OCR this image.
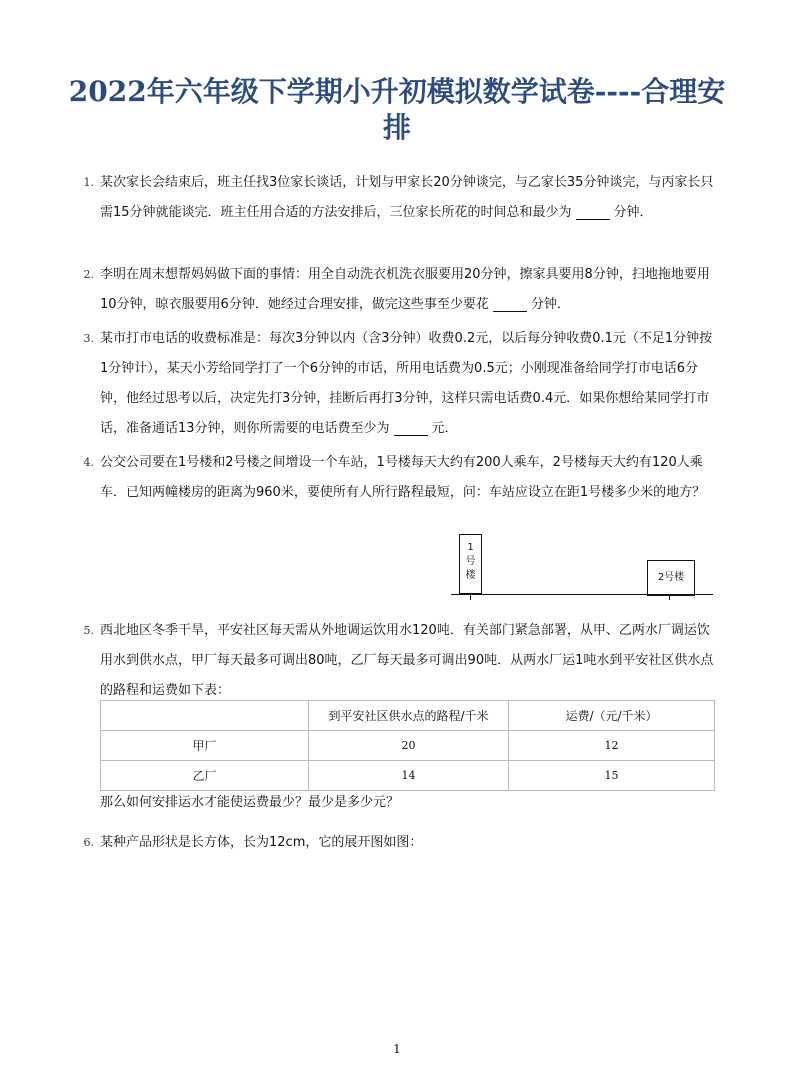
2022年六年级下学期小升初模拟数学试卷----合理安排
1. 某次家长会结束后，班主任找3位家长谈话，计划与甲家长20分钟谈完，与乙家长35分钟谈完，与丙家长只需15分钟就能谈完．班主任用合适的方法安排后，三位家长所花的时间总和最少为	分钟．
2. 李明在周末想帮妈妈做下面的事情：用全自动洗衣机洗衣服要用20分钟，擦家具要用8分钟，扫地拖地要用10分钟，晾衣服要用6分钟．她经过合理安排，做完这些事至少要花	分钟．
3. 某市打市电话的收费标准是：每次3分钟以内（含3分钟）收费0.2元，以后每分钟收费0.1元（不足1分钟按1分钟计），某天小芳给同学打了一个6分钟的市话，所用电话费为0.5元；小刚现准备给同学打市电话6分钟，他经过思考以后，决定先打3分钟，挂断后再打3分钟，这样只需电话费0.4元．如果你想给某同学打市话，准备通话13分钟，则你所需要的电话费至少为	元．
4. 公交公司要在1号楼和2号楼之间增设一个车站，1号楼每天大约有200人乘车，2号楼每天大约有120人乘车．已知两幢楼房的距离为960米，要使所有人所行路程最短，问：车站应设立在距1号楼多少米的地方？
1
号楼	2号楼
5. 西北地区冬季干旱，平安社区每天需从外地调运饮用水120吨．有关部门紧急部署，从甲、乙两水厂调运饮用水到供水点，甲厂每天最多可调出80吨，乙厂每天最多可调出90吨．从两水厂运1吨水到平安社区供水点的路程和运费如下表：
	到平安社区供水点的路程/千米	运费/（元/千米）
甲厂	20	12
乙厂	14	15
那么如何安排运水才能使运费最少？最少是多少元？
6. 某种产品形状是长方体，长为12cm，它的展开图如图：
1
